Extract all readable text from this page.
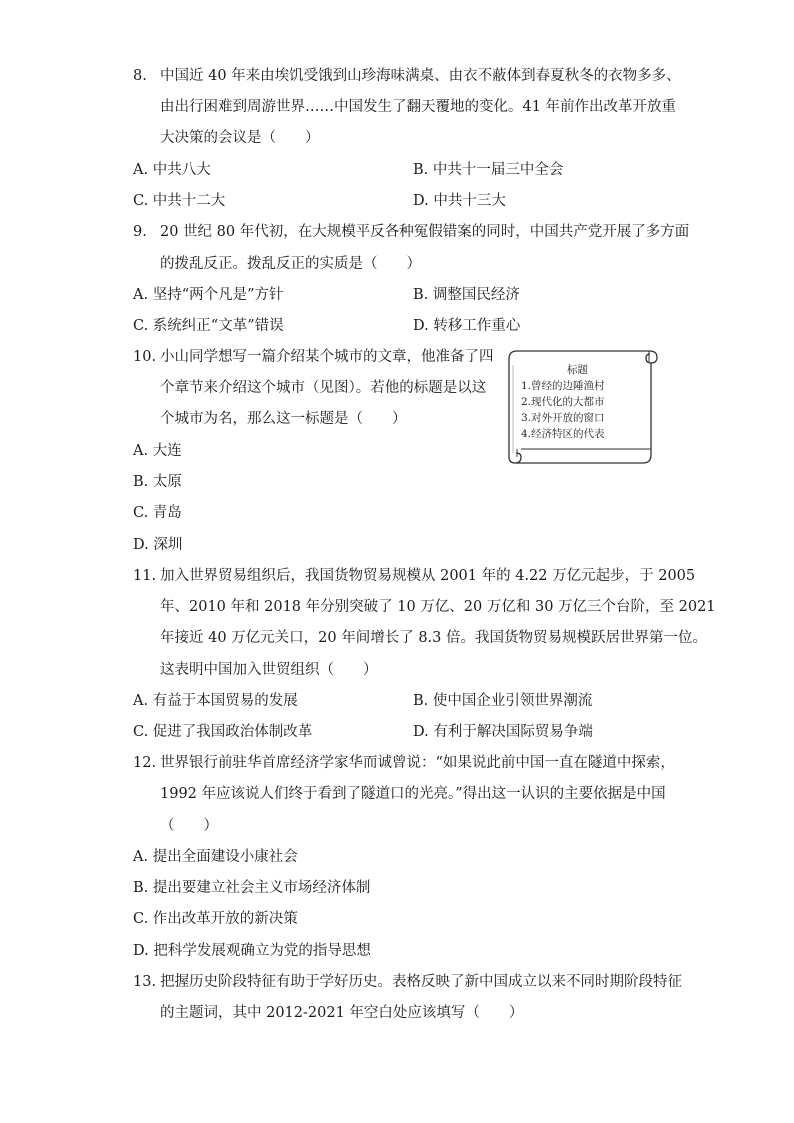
8. 中国近 40 年来由埃饥受饿到山珍海味满桌、由衣不蔽体到春夏秋冬的衣物多多、
由出行困难到周游世界……中国发生了翻天覆地的变化。41 年前作出改革开放重
大决策的会议是（　　）
A. 中共八大	B. 中共十一届三中全会
C. 中共十二大	D. 中共十三大
9. 20 世纪 80 年代初，在大规模平反各种冤假错案的同时，中国共产党开展了多方面
的拨乱反正。拨乱反正的实质是（　　）
A. 坚持“两个凡是”方针	B. 调整国民经济
C. 系统纠正“文革”错误	D. 转移工作重心
10. 小山同学想写一篇介绍某个城市的文章，他准备了四
个章节来介绍这个城市（见图）。若他的标题是以这
个城市为名，那么这一标题是（　　）
A. 大连
B. 太原
C. 青岛
D. 深圳
标题
1.曾经的边陲渔村
2.现代化的大都市
3.对外开放的窗口
4.经济特区的代表
11. 加入世界贸易组织后，我国货物贸易规模从 2001 年的 4.22 万亿元起步，于 2005
年、2010 年和 2018 年分别突破了 10 万亿、20 万亿和 30 万亿三个台阶，至 2021
年接近 40 万亿元关口，20 年间增长了 8.3 倍。我国货物贸易规模跃居世界第一位。
这表明中国加入世贸组织（　　）
A. 有益于本国贸易的发展	B. 使中国企业引领世界潮流
C. 促进了我国政治体制改革	D. 有利于解决国际贸易争端
12. 世界银行前驻华首席经济学家华而诚曾说：“如果说此前中国一直在隧道中探索，
1992 年应该说人们终于看到了隧道口的光亮。”得出这一认识的主要依据是中国
（　　）
A. 提出全面建设小康社会
B. 提出要建立社会主义市场经济体制
C. 作出改革开放的新决策
D. 把科学发展观确立为党的指导思想
13. 把握历史阶段特征有助于学好历史。表格反映了新中国成立以来不同时期阶段特征
的主题词，其中 2012-2021 年空白处应该填写（　　）
